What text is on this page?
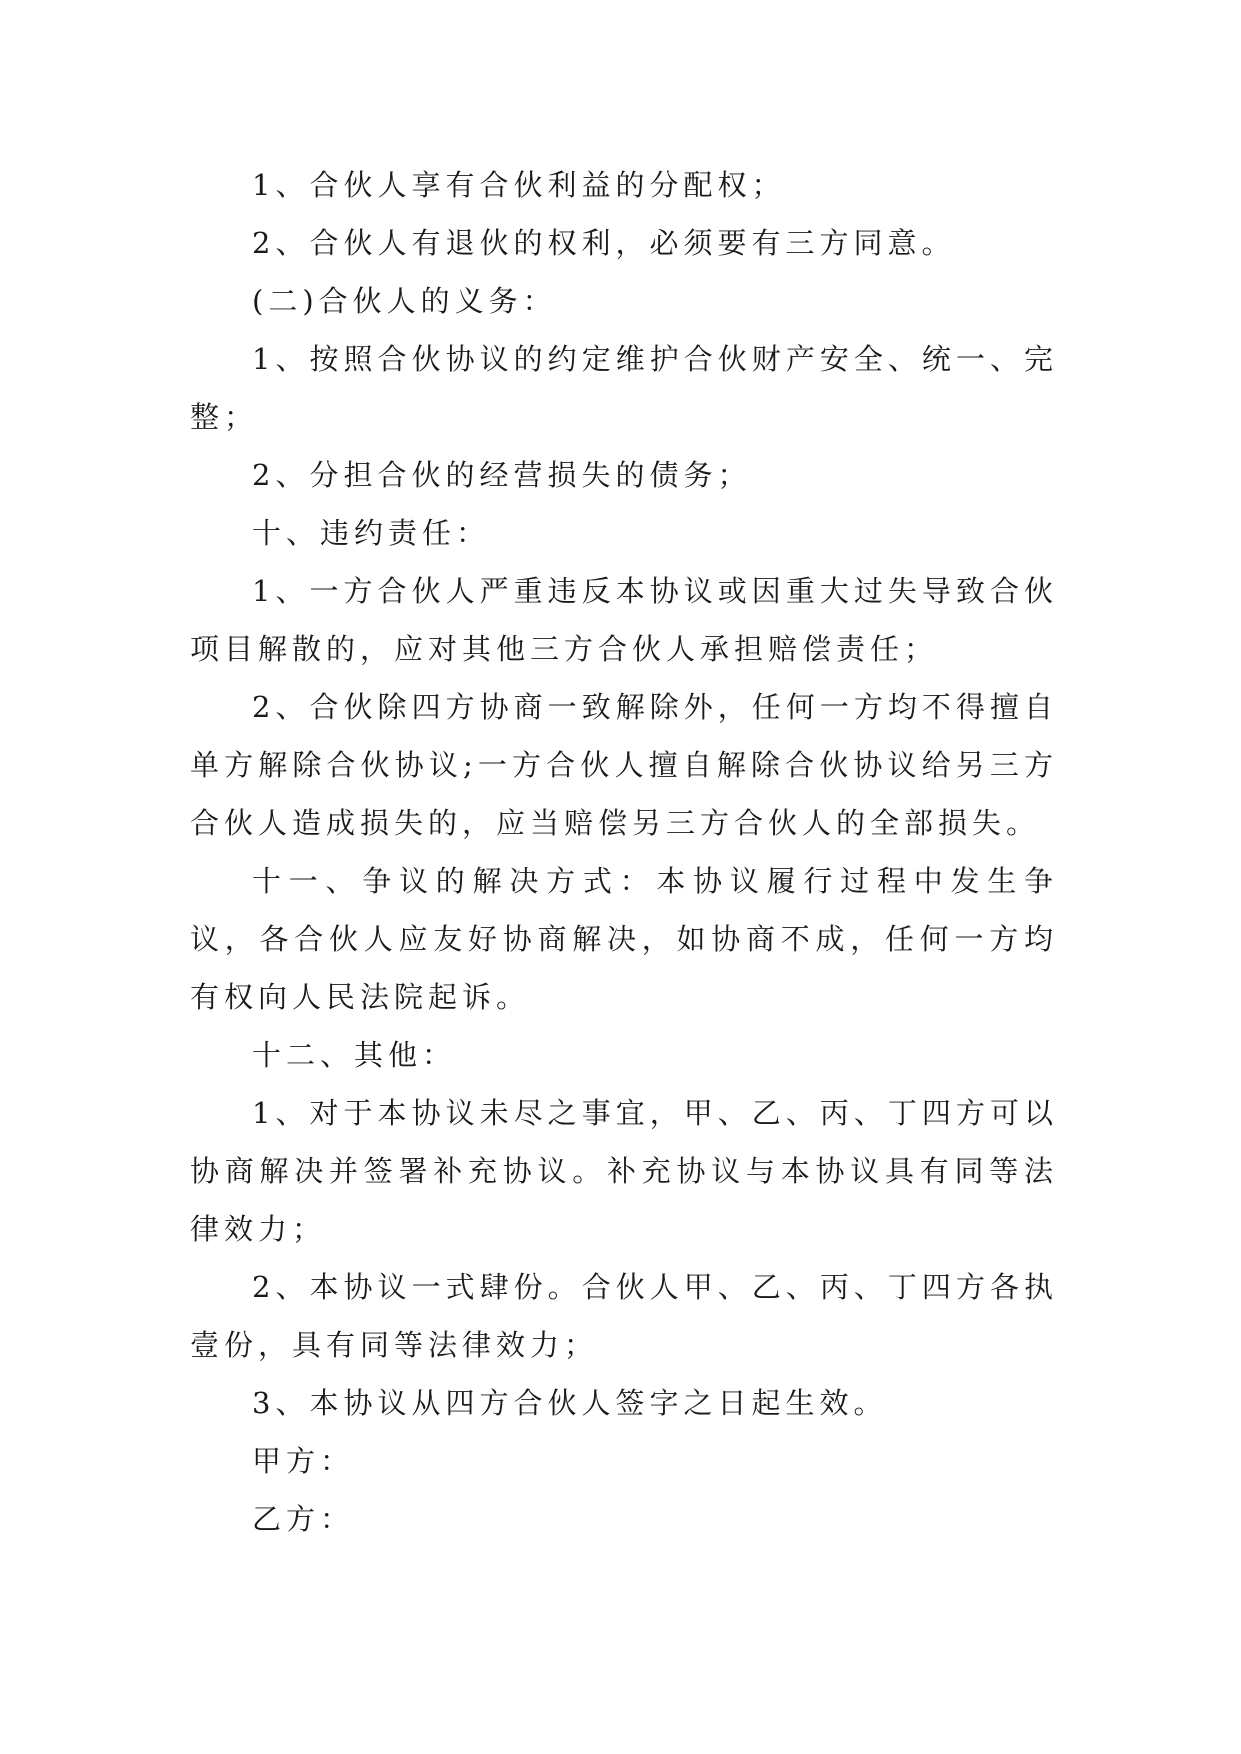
1、合伙人享有合伙利益的分配权；

2、合伙人有退伙的权利，必须要有三方同意。

(二)合伙人的义务：

1、按照合伙协议的约定维护合伙财产安全、统一、完整；

2、分担合伙的经营损失的债务；

十、违约责任：

1、一方合伙人严重违反本协议或因重大过失导致合伙项目解散的，应对其他三方合伙人承担赔偿责任；

2、合伙除四方协商一致解除外，任何一方均不得擅自单方解除合伙协议;一方合伙人擅自解除合伙协议给另三方合伙人造成损失的，应当赔偿另三方合伙人的全部损失。

十一、争议的解决方式：本协议履行过程中发生争议，各合伙人应友好协商解决，如协商不成，任何一方均有权向人民法院起诉。

十二、其他：

1、对于本协议未尽之事宜，甲、乙、丙、丁四方可以协商解决并签署补充协议。补充协议与本协议具有同等法律效力；

2、本协议一式肆份。合伙人甲、乙、丙、丁四方各执壹份，具有同等法律效力；

3、本协议从四方合伙人签字之日起生效。

甲方：

乙方：
